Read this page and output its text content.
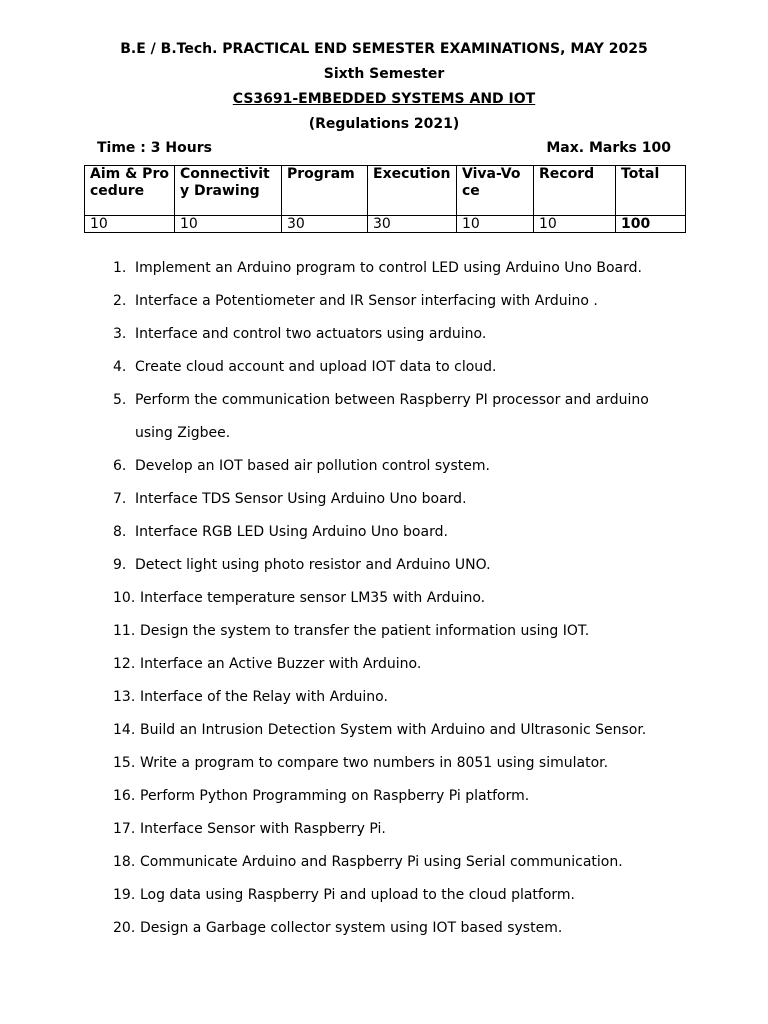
B.E / B.Tech. PRACTICAL END SEMESTER EXAMINATIONS, MAY 2025
Sixth Semester
CS3691-EMBEDDED SYSTEMS AND IOT
(Regulations 2021)
Time : 3 Hours	Max. Marks 100
Aim & Procedure	Connectivity Drawing	Program	Execution	Viva-Voce	Record	Total
10	10	30	30	10	10	100
1. Implement an Arduino program to control LED using Arduino Uno Board.
2. Interface a Potentiometer and IR Sensor interfacing with Arduino .
3. Interface and control two actuators using arduino.
4. Create cloud account and upload IOT data to cloud.
5. Perform the communication between Raspberry PI processor and arduino using Zigbee.
6. Develop an IOT based air pollution control system.
7. Interface TDS Sensor Using Arduino Uno board.
8. Interface RGB LED Using Arduino Uno board.
9. Detect light using photo resistor and Arduino UNO.
10. Interface temperature sensor LM35 with Arduino.
11. Design the system to transfer the patient information using IOT.
12. Interface an Active Buzzer with Arduino.
13. Interface of the Relay with Arduino.
14. Build an Intrusion Detection System with Arduino and Ultrasonic Sensor.
15. Write a program to compare two numbers in 8051 using simulator.
16. Perform Python Programming on Raspberry Pi platform.
17. Interface Sensor with Raspberry Pi.
18. Communicate Arduino and Raspberry Pi using Serial communication.
19. Log data using Raspberry Pi and upload to the cloud platform.
20. Design a Garbage collector system using IOT based system.
